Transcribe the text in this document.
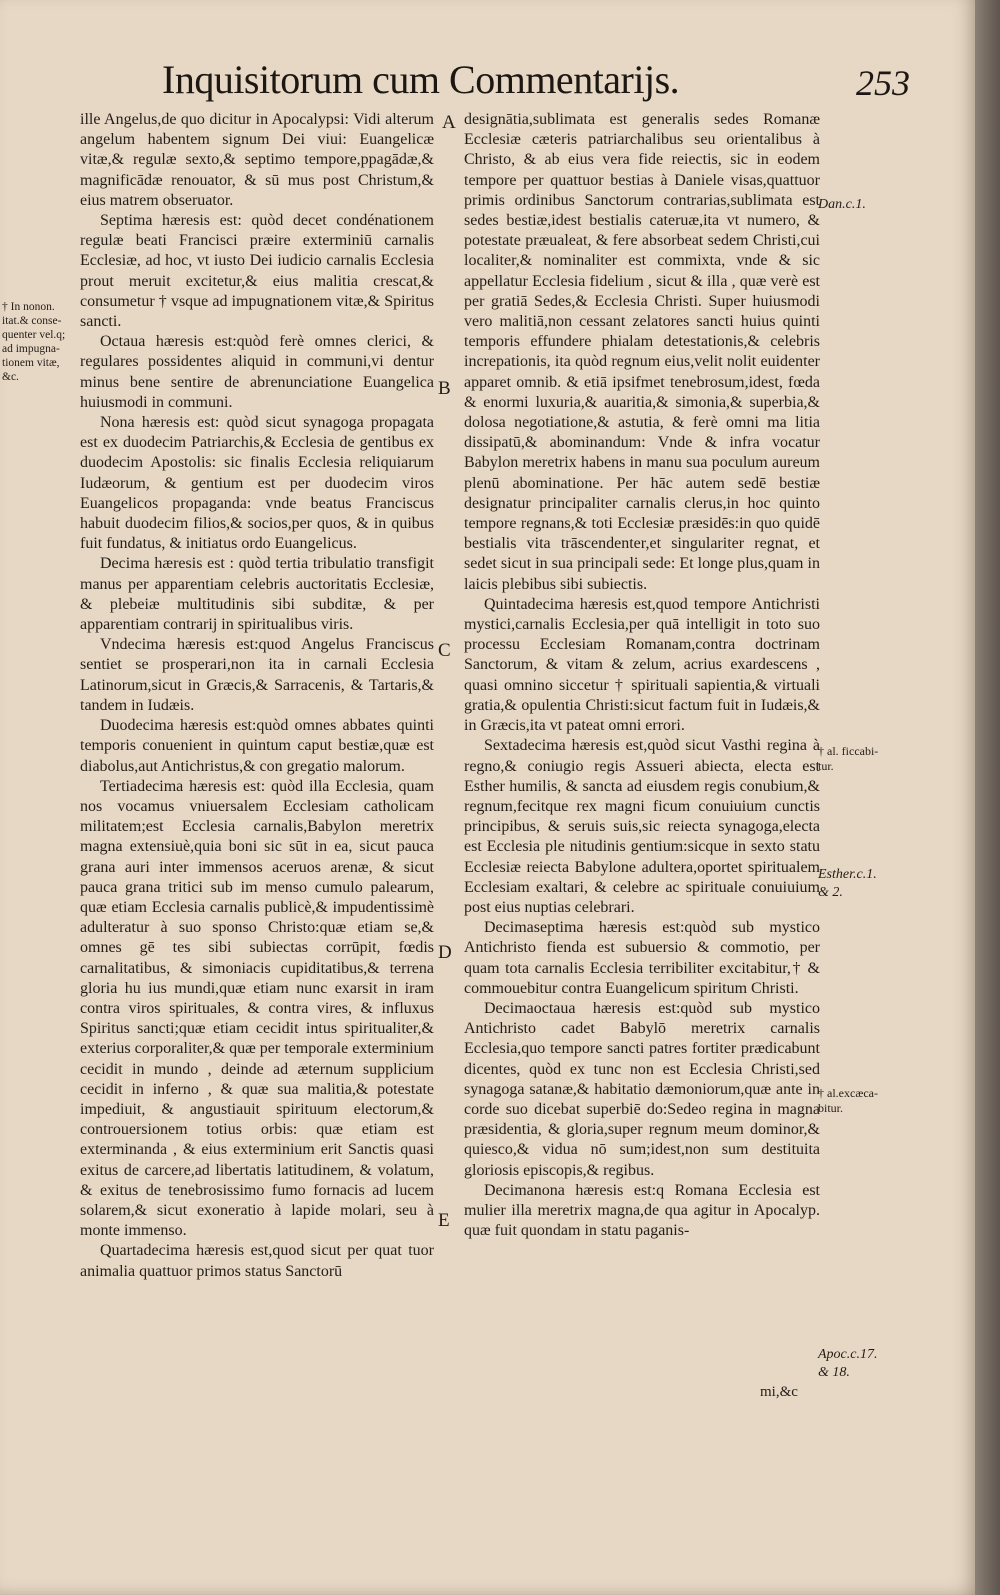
Inquisitorum cum Commentarijs.	253
† In nonon.
itat.& conse-
quenter vel.q;
ad impugna-
tionem vitæ,
&c.

ille Angelus,de quo dicitur in Apocalypsi: Vidi alterum angelum habentem signum Dei viui: Euangelicæ vitæ,& regulæ sexto,& septimo tempore,ppagādæ,& magnificādæ renouator, & sū mus post Christum,& eius matrem obseruator.

Septima hæresis est: quòd decet condénationem regulæ beati Francisci præire exterminiū carnalis Ecclesiæ, ad hoc, vt iusto Dei iudicio carnalis Ecclesia prout meruit excitetur,& eius malitia crescat,& consumetur † vsque ad impugnationem vitæ,& Spiritus sancti.

Octaua hæresis est:quòd ferè omnes clerici, & regulares possidentes aliquid in communi,vi dentur minus bene sentire de abrenunciatione Euangelica huiusmodi in communi.

Nona hæresis est: quòd sicut synagoga propagata est ex duodecim Patriarchis,& Ecclesia de gentibus ex duodecim Apostolis: sic finalis Ecclesia reliquiarum Iudæorum, & gentium est per duodecim viros Euangelicos propaganda: vnde beatus Franciscus habuit duodecim filios,& socios,per quos, & in quibus fuit fundatus, & initiatus ordo Euangelicus.

Decima hæresis est : quòd tertia tribulatio transfigit manus per apparentiam celebris auctoritatis Ecclesiæ, & plebeiæ multitudinis sibi subditæ, & per apparentiam contrarij in spiritualibus viris.

Vndecima hæresis est:quod Angelus Franciscus sentiet se prosperari,non ita in carnali Ecclesia Latinorum,sicut in Græcis,& Sarracenis, & Tartaris,& tandem in Iudæis.

Duodecima hæresis est:quòd omnes abbates quinti temporis conuenient in quintum caput bestiæ,quæ est diabolus,aut Antichristus,& con gregatio malorum.

Tertiadecima hæresis est: quòd illa Ecclesia, quam nos vocamus vniuersalem Ecclesiam catholicam militatem;est Ecclesia carnalis,Babylon meretrix magna extensiuè,quia boni sic sūt in ea, sicut pauca grana auri inter immensos aceruos arenæ, & sicut pauca grana tritici sub im menso cumulo palearum, quæ etiam Ecclesia carnalis publicè,& impudentissimè adulteratur à suo sponso Christo:quæ etiam se,& omnes gē tes sibi subiectas corrūpit, fœdis carnalitatibus, & simoniacis cupiditatibus,& terrena gloria hu ius mundi,quæ etiam nunc exarsit in iram contra viros spirituales, & contra vires, & influxus Spiritus sancti;quæ etiam cecidit intus spiritualiter,& exterius corporaliter,& quæ per temporale exterminium cecidit in mundo , deinde ad æternum supplicium cecidit in inferno , & quæ sua malitia,& potestate impediuit, & angustiauit spirituum electorum,& controuersionem totius orbis: quæ etiam est exterminanda , & eius exterminium erit Sanctis quasi exitus de carcere,ad libertatis latitudinem, & volatum, & exitus de tenebrosissimo fumo fornacis ad lucem solarem,& sicut exoneratio à lapide molari, seu à monte immenso.

Quartadecima hæresis est,quod sicut per quat tuor animalia quattuor primos status Sanctorū

A
B
C
D
E

designātia,sublimata est generalis sedes Romanæ Ecclesiæ cæteris patriarchalibus seu orientalibus à Christo, & ab eius vera fide reiectis, sic in eodem tempore per quattuor bestias à Daniele visas,quattuor primis ordinibus Sanctorum contrarias,sublimata est sedes bestiæ,idest bestialis cateruæ,ita vt numero, & potestate præualeat, & fere absorbeat sedem Christi,cui localiter,& nominaliter est commixta, vnde & sic appellatur Ecclesia fidelium , sicut & illa , quæ verè est per gratiā Sedes,& Ecclesia Christi. Super huiusmodi vero malitiā,non cessant zelatores sancti huius quinti temporis effundere phialam detestationis,& celebris increpationis, ita quòd regnum eius,velit nolit euidenter apparet omnib. & etiā ipsifmet tenebrosum,idest, fœda & enormi luxuria,& auaritia,& simonia,& superbia,& dolosa negotiatione,& astutia, & ferè omni ma litia dissipatū,& abominandum: Vnde & infra vocatur Babylon meretrix habens in manu sua poculum aureum plenū abominatione. Per hāc autem sedē bestiæ designatur principaliter carnalis clerus,in hoc quinto tempore regnans,& toti Ecclesiæ præsidēs:in quo quidē bestialis vita trāscendenter,et singulariter regnat, et sedet sicut in sua principali sede: Et longe plus,quam in laicis plebibus sibi subiectis.

Quintadecima hæresis est,quod tempore Antichristi mystici,carnalis Ecclesia,per quā intelligit in toto suo processu Ecclesiam Romanam,contra doctrinam Sanctorum, & vitam & zelum, acrius exardescens , quasi omnino siccetur † spirituali sapientia,& virtuali gratia,& opulentia Christi:sicut factum fuit in Iudæis,& in Græcis,ita vt pateat omni errori.

Sextadecima hæresis est,quòd sicut Vasthi regina à regno,& coniugio regis Assueri abiecta, electa est Esther humilis, & sancta ad eiusdem regis conubium,& regnum,fecitque rex magni ficum conuiuium cunctis principibus, & seruis suis,sic reiecta synagoga,electa est Ecclesia ple nitudinis gentium:sicque in sexto statu Ecclesiæ reiecta Babylone adultera,oportet spiritualem Ecclesiam exaltari, & celebre ac spirituale conuiuium post eius nuptias celebrari.

Decimaseptima hæresis est:quòd sub mystico Antichristo fienda est subuersio & commotio, per quam tota carnalis Ecclesia terribiliter excitabitur,† & commouebitur contra Euangelicum spiritum Christi.

Decimaoctaua hæresis est:quòd sub mystico Antichristo cadet Babylō meretrix carnalis Ecclesia,quo tempore sancti patres fortiter prædicabunt dicentes, quòd ex tunc non est Ecclesia Christi,sed synagoga satanæ,& habitatio dæmoniorum,quæ ante in corde suo dicebat superbiē do:Sedeo regina in magna præsidentia, & gloria,super regnum meum dominor,& quiesco,& vidua nō sum;idest,non sum destituita gloriosis episcopis,& regibus.

Decimanona hæresis est:q Romana Ecclesia est mulier illa meretrix magna,de qua agitur in Apocalyp. quæ fuit quondam in statu paganis-

Dan.c.1.
† al. ficcabi-
tur.
Esther.c.1.
& 2.
† al.excæca-
bitur.
Apoc.c.17.
& 18.
mi,&c
